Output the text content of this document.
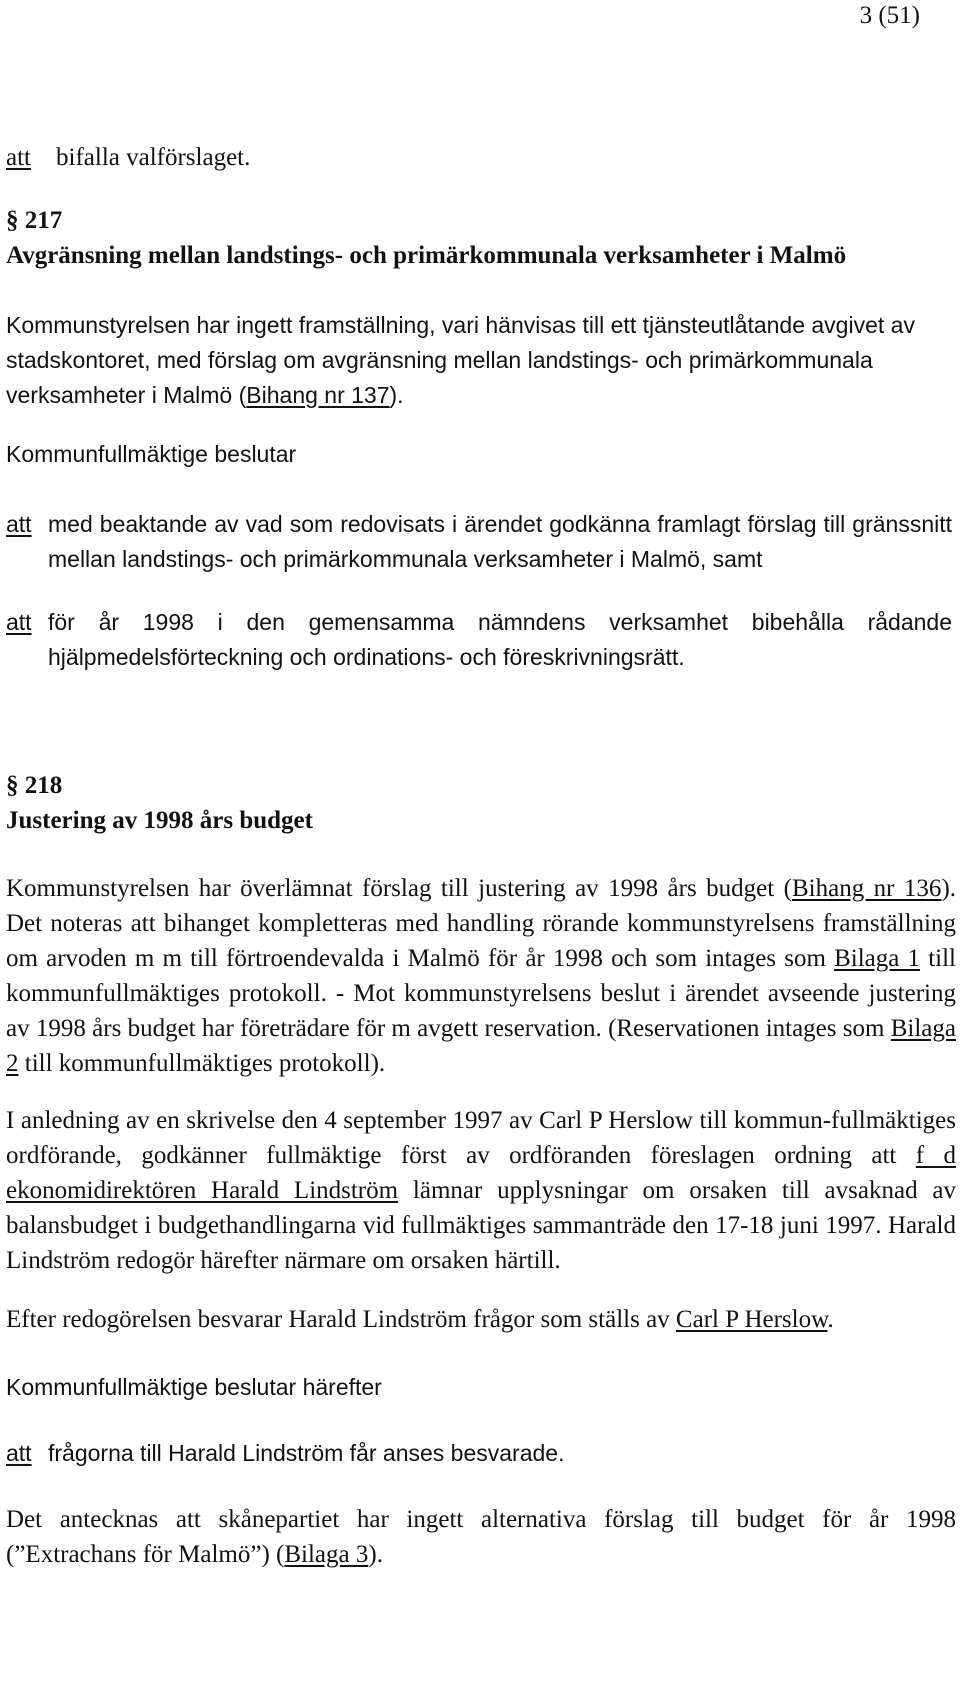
3 (51)
att bifalla valförslaget.
§ 217
Avgränsning mellan landstings- och primärkommunala verksamheter i Malmö
Kommunstyrelsen har ingett framställning, vari hänvisas till ett tjänsteutlåtande avgivet av stadskontoret, med förslag om avgränsning mellan landstings- och primärkommunala verksamheter i Malmö (Bihang nr 137).
Kommunfullmäktige beslutar
att med beaktande av vad som redovisats i ärendet godkänna framlagt förslag till gränssnitt mellan landstings- och primärkommunala verksamheter i Malmö, samt
att för år 1998 i den gemensamma nämndens verksamhet bibehålla rådande hjälpmedelsförteckning och ordinations- och föreskrivningsrätt.
§ 218
Justering av 1998 års budget
Kommunstyrelsen har överlämnat förslag till justering av 1998 års budget (Bihang nr 136). Det noteras att bihanget kompletteras med handling rörande kommunstyrelsens framställning om arvoden m m till förtroendevalda i Malmö för år 1998 och som intages som Bilaga 1 till kommunfullmäktiges protokoll. - Mot kommunstyrelsens beslut i ärendet avseende justering av 1998 års budget har företrädare för m avgett reservation. (Reservationen intages som Bilaga 2 till kommunfullmäktiges protokoll).
I anledning av en skrivelse den 4 september 1997 av Carl P Herslow till kommun-fullmäktiges ordförande, godkänner fullmäktige först av ordföranden föreslagen ordning att f d ekonomidirektören Harald Lindström lämnar upplysningar om orsaken till avsaknad av balansbudget i budgethandlingarna vid fullmäktiges sammanträde den 17-18 juni 1997. Harald Lindström redogör härefter närmare om orsaken härtill.
Efter redogörelsen besvarar Harald Lindström frågor som ställs av Carl P Herslow.
Kommunfullmäktige beslutar härefter
att frågorna till Harald Lindström får anses besvarade.
Det antecknas att skånepartiet har ingett alternativa förslag till budget för år 1998 (”Extrachans för Malmö”) (Bilaga 3).
